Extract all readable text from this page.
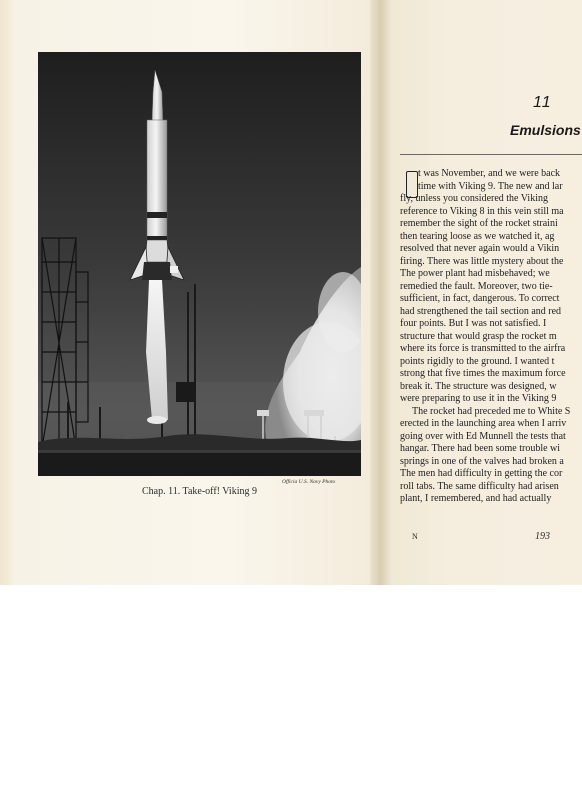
Officia U.S. Navy Photo
Chap. 11. Take-off! Viking 9
11
Emulsions
t was November, and we were back
time with Viking 9. The new and lar
fly, unless you considered the Viking
reference to Viking 8 in this vein still ma
remember the sight of the rocket straini
then tearing loose as we watched it, ag
resolved that never again would a Vikin
firing. There was little mystery about the
The power plant had misbehaved; we
remedied the fault. Moreover, two tie-
sufficient, in fact, dangerous. To correct
had strengthened the tail section and red
four points. But I was not satisfied. I
structure that would grasp the rocket m
where its force is transmitted to the airfra
points rigidly to the ground. I wanted t
strong that five times the maximum force
break it. The structure was designed, w
were preparing to use it in the Viking 9
The rocket had preceded me to White S
erected in the launching area when I arriv
going over with Ed Munnell the tests that
hangar. There had been some trouble wi
springs in one of the valves had broken a
The men had difficulty in getting the cor
roll tabs. The same difficulty had arisen
plant, I remembered, and had actually
N	193
